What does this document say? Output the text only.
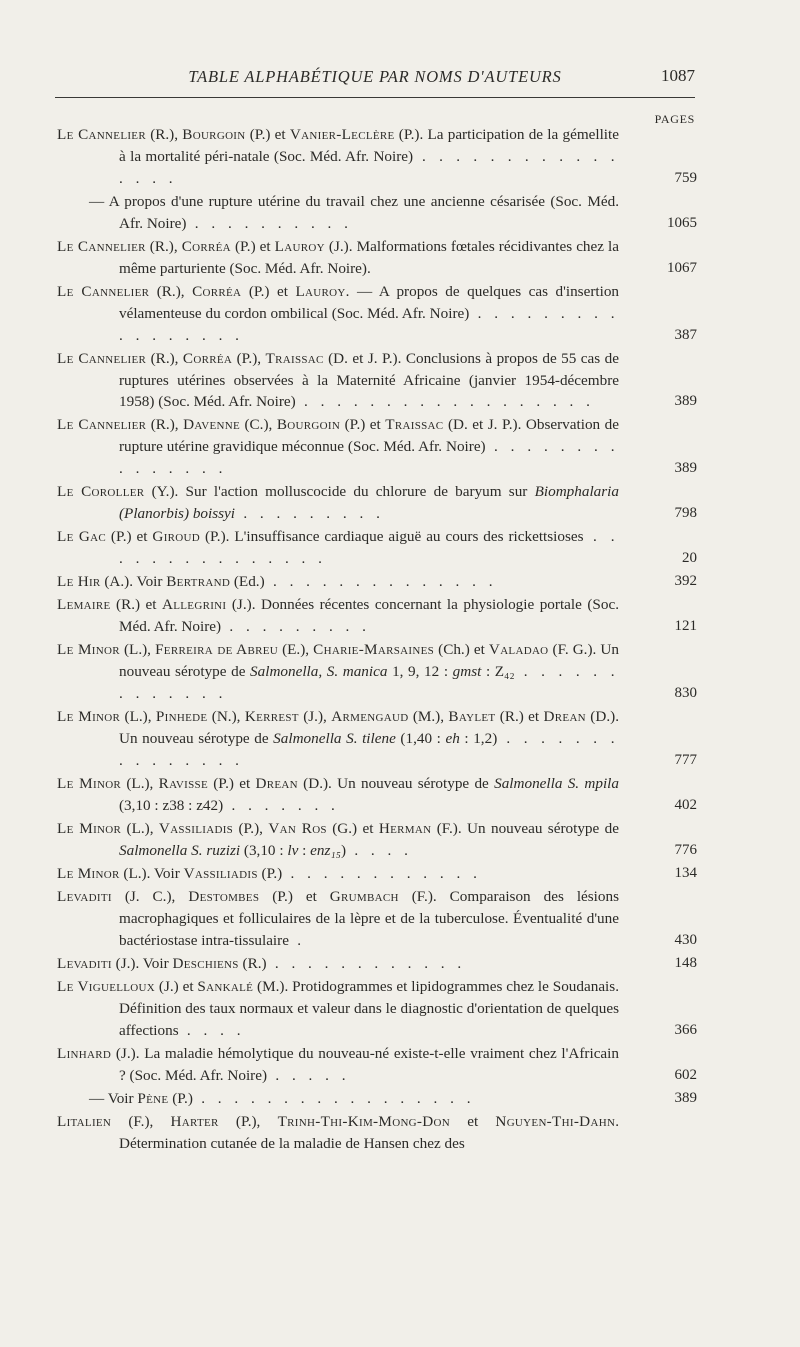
TABLE ALPHABÉTIQUE PAR NOMS D'AUTEURS	1087
PAGES
Le Cannelier (R.), Bourgoin (P.) et Vanier-Leclère (P.). La participation de la gémellite à la mortalité péri-natale (Soc. Méd. Afr. Noire) . . . . . . . . . . . . . . . .	759
— A propos d'une rupture utérine du travail chez une ancienne césarisée (Soc. Méd. Afr. Noire) . . . . . . . . . .	1065
Le Cannelier (R.), Corréa (P.) et Lauroy (J.). Malformations fœtales récidivantes chez la même parturiente (Soc. Méd. Afr. Noire).	1067
Le Cannelier (R.), Corréa (P.) et Lauroy. — A propos de quelques cas d'insertion vélamenteuse du cordon ombilical (Soc. Méd. Afr. Noire) . . . . . . . . . . . . . . . . .	387
Le Cannelier (R.), Corréa (P.), Traissac (D. et J. P.). Conclusions à propos de 55 cas de ruptures utérines observées à la Maternité Africaine (janvier 1954-décembre 1958) (Soc. Méd. Afr. Noire) . . . . . . . . . . . . . . . . . .	389
Le Cannelier (R.), Davenne (C.), Bourgoin (P.) et Traissac (D. et J. P.). Observation de rupture utérine gravidique méconnue (Soc. Méd. Afr. Noire) . . . . . . . . . . . . . . .	389
Le Coroller (Y.). Sur l'action molluscocide du chlorure de baryum sur Biomphalaria (Planorbis) boissyi . . . . . . . . .	798
Le Gac (P.) et Giroud (P.). L'insuffisance cardiaque aiguë au cours des rickettsioses . . . . . . . . . . . . . . .	20
Le Hir (A.). Voir Bertrand (Ed.) . . . . . . . . . . . . . .	392
Lemaire (R.) et Allegrini (J.). Données récentes concernant la physiologie portale (Soc. Méd. Afr. Noire) . . . . . . . . .	121
Le Minor (L.), Ferreira de Abreu (E.), Charie-Marsaines (Ch.) et Valadao (F. G.). Un nouveau sérotype de Salmonella, S. manica 1, 9, 12 : gmst : Z₄₂ . . . . . . . . . . . . .	830
Le Minor (L.), Pinhede (N.), Kerrest (J.), Armengaud (M.), Baylet (R.) et Drean (D.). Un nouveau sérotype de Salmonella S. tilene (1,40 : eh : 1,2) . . . . . . . . . . . . . . .	777
Le Minor (L.), Ravisse (P.) et Drean (D.). Un nouveau sérotype de Salmonella S. mpila (3,10 : z38 : z42) . . . . . . .	402
Le Minor (L.), Vassiliadis (P.), Van Ros (G.) et Herman (F.). Un nouveau sérotype de Salmonella S. ruzizi (3,10 : lv : enz₁₅) . . . .	776
Le Minor (L.). Voir Vassiliadis (P.) . . . . . . . . . . . .	134
Levaditi (J. C.), Destombes (P.) et Grumbach (F.). Comparaison des lésions macrophagiques et folliculaires de la lèpre et de la tuberculose. Éventualité d'une bactériostase intra-tissulaire .	430
Levaditi (J.). Voir Deschiens (R.) . . . . . . . . . . . .	148
Le Viguelloux (J.) et Sankalé (M.). Protidogrammes et lipidogrammes chez le Soudanais. Définition des taux normaux et valeur dans le diagnostic d'orientation de quelques affections . . . .	366
Linhard (J.). La maladie hémolytique du nouveau-né existe-t-elle vraiment chez l'Africain ? (Soc. Méd. Afr. Noire) . . . . .	602
— Voir Pène (P.) . . . . . . . . . . . . . . . . .	389
Litalien (F.), Harter (P.), Trinh-Thi-Kim-Mong-Don et Nguyen-Thi-Dahn. Détermination cutanée de la maladie de Hansen chez des
